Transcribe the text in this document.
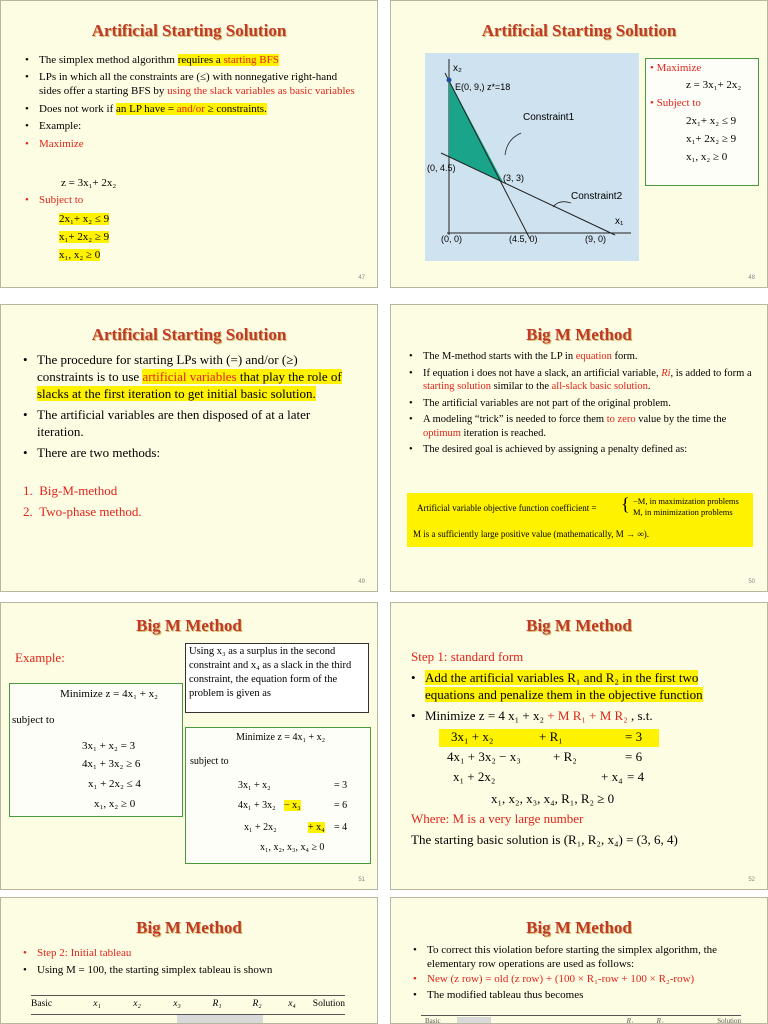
Artificial Starting Solution
• The simplex method algorithm requires a starting BFS
• LPs in which all the constraints are (≤) with nonnegative right-hand sides offer a starting BFS by using the slack variables as basic variables
• Does not work if an LP have = and/or ≥ constraints.
• Example:
• Maximize
z = 3x₁+ 2x₂
• Subject to
2x₁+ x₂ ≤ 9
x₁+ 2x₂ ≥ 9
x₁, x₂ ≥ 0
47
Artificial Starting Solution
x₂
x₁
E(0, 9,) z*=18
(0, 4.5)
(3, 3)
(0, 0)	(4.5, 0)	(9, 0)
Constraint1
Constraint2
• Maximize
z = 3x₁+ 2x₂
• Subject to
2x₁+ x₂ ≤ 9
x₁+ 2x₂ ≥ 9
x₁, x₂ ≥ 0
48
Artificial Starting Solution
• The procedure for starting LPs with (=) and/or (≥) constraints is to use artificial variables that play the role of slacks at the first iteration to get initial basic solution.
• The artificial variables are then disposed of at a later iteration.
• There are two methods:
1. Big-M-method
2. Two-phase method.
49
Big M Method
• The M-method starts with the LP in equation form.
• If equation i does not have a slack, an artificial variable, Ri, is added to form a starting solution similar to the all-slack basic solution.
• The artificial variables are not part of the original problem.
• A modeling “trick” is needed to force them to zero value by the time the optimum iteration is reached.
• The desired goal is achieved by assigning a penalty defined as:
Artificial variable objective function coefficient = { −M, in maximization problems
M, in minimization problems
M is a sufficiently large positive value (mathematically, M → ∞).
50
Big M Method
Example:	Using x₃ as a surplus in the second constraint and x₄ as a slack in the third constraint, the equation form of the problem is given as
Minimize z = 4x₁ + x₂
subject to
3x₁ + x₂ = 3
4x₁ + 3x₂ ≥ 6
x₁ + 2x₂ ≤ 4
x₁, x₂ ≥ 0
Minimize z = 4x₁ + x₂
subject to
3x₁ + x₂	= 3
4x₁ + 3x₂ − x₃	= 6
x₁ + 2x₂	+ x₄ = 4
x₁, x₂, x₃, x₄ ≥ 0
51
Big M Method
Step 1: standard form
• Add the artificial variables R₁ and R₂ in the first two equations and penalize them in the objective function
• Minimize z = 4 x₁ + x₂ + M R₁ + M R₂ , s.t.
3x₁ + x₂	+ R₁	= 3
4x₁ + 3x₂ − x₃ + R₂	= 6
x₁ + 2x₂	+ x₄ = 4
x₁, x₂, x₃, x₄, R₁, R₂ ≥ 0
Where: M is a very large number
The starting basic solution is (R₁, R₂, x₄) = (3, 6, 4)
52
Big M Method
• Step 2: Initial tableau
• Using M = 100, the starting simplex tableau is shown
Basic	x₁	x₂	x₃	R₁	R₂	x₄	Solution
Big M Method
• To correct this violation before starting the simplex algorithm, the elementary row operations are used as follows:
• New (z row) = old (z row) + (100 × R₁-row + 100 × R₂-row)
• The modified tableau thus becomes
Basic	R₁	R₂	Solution
